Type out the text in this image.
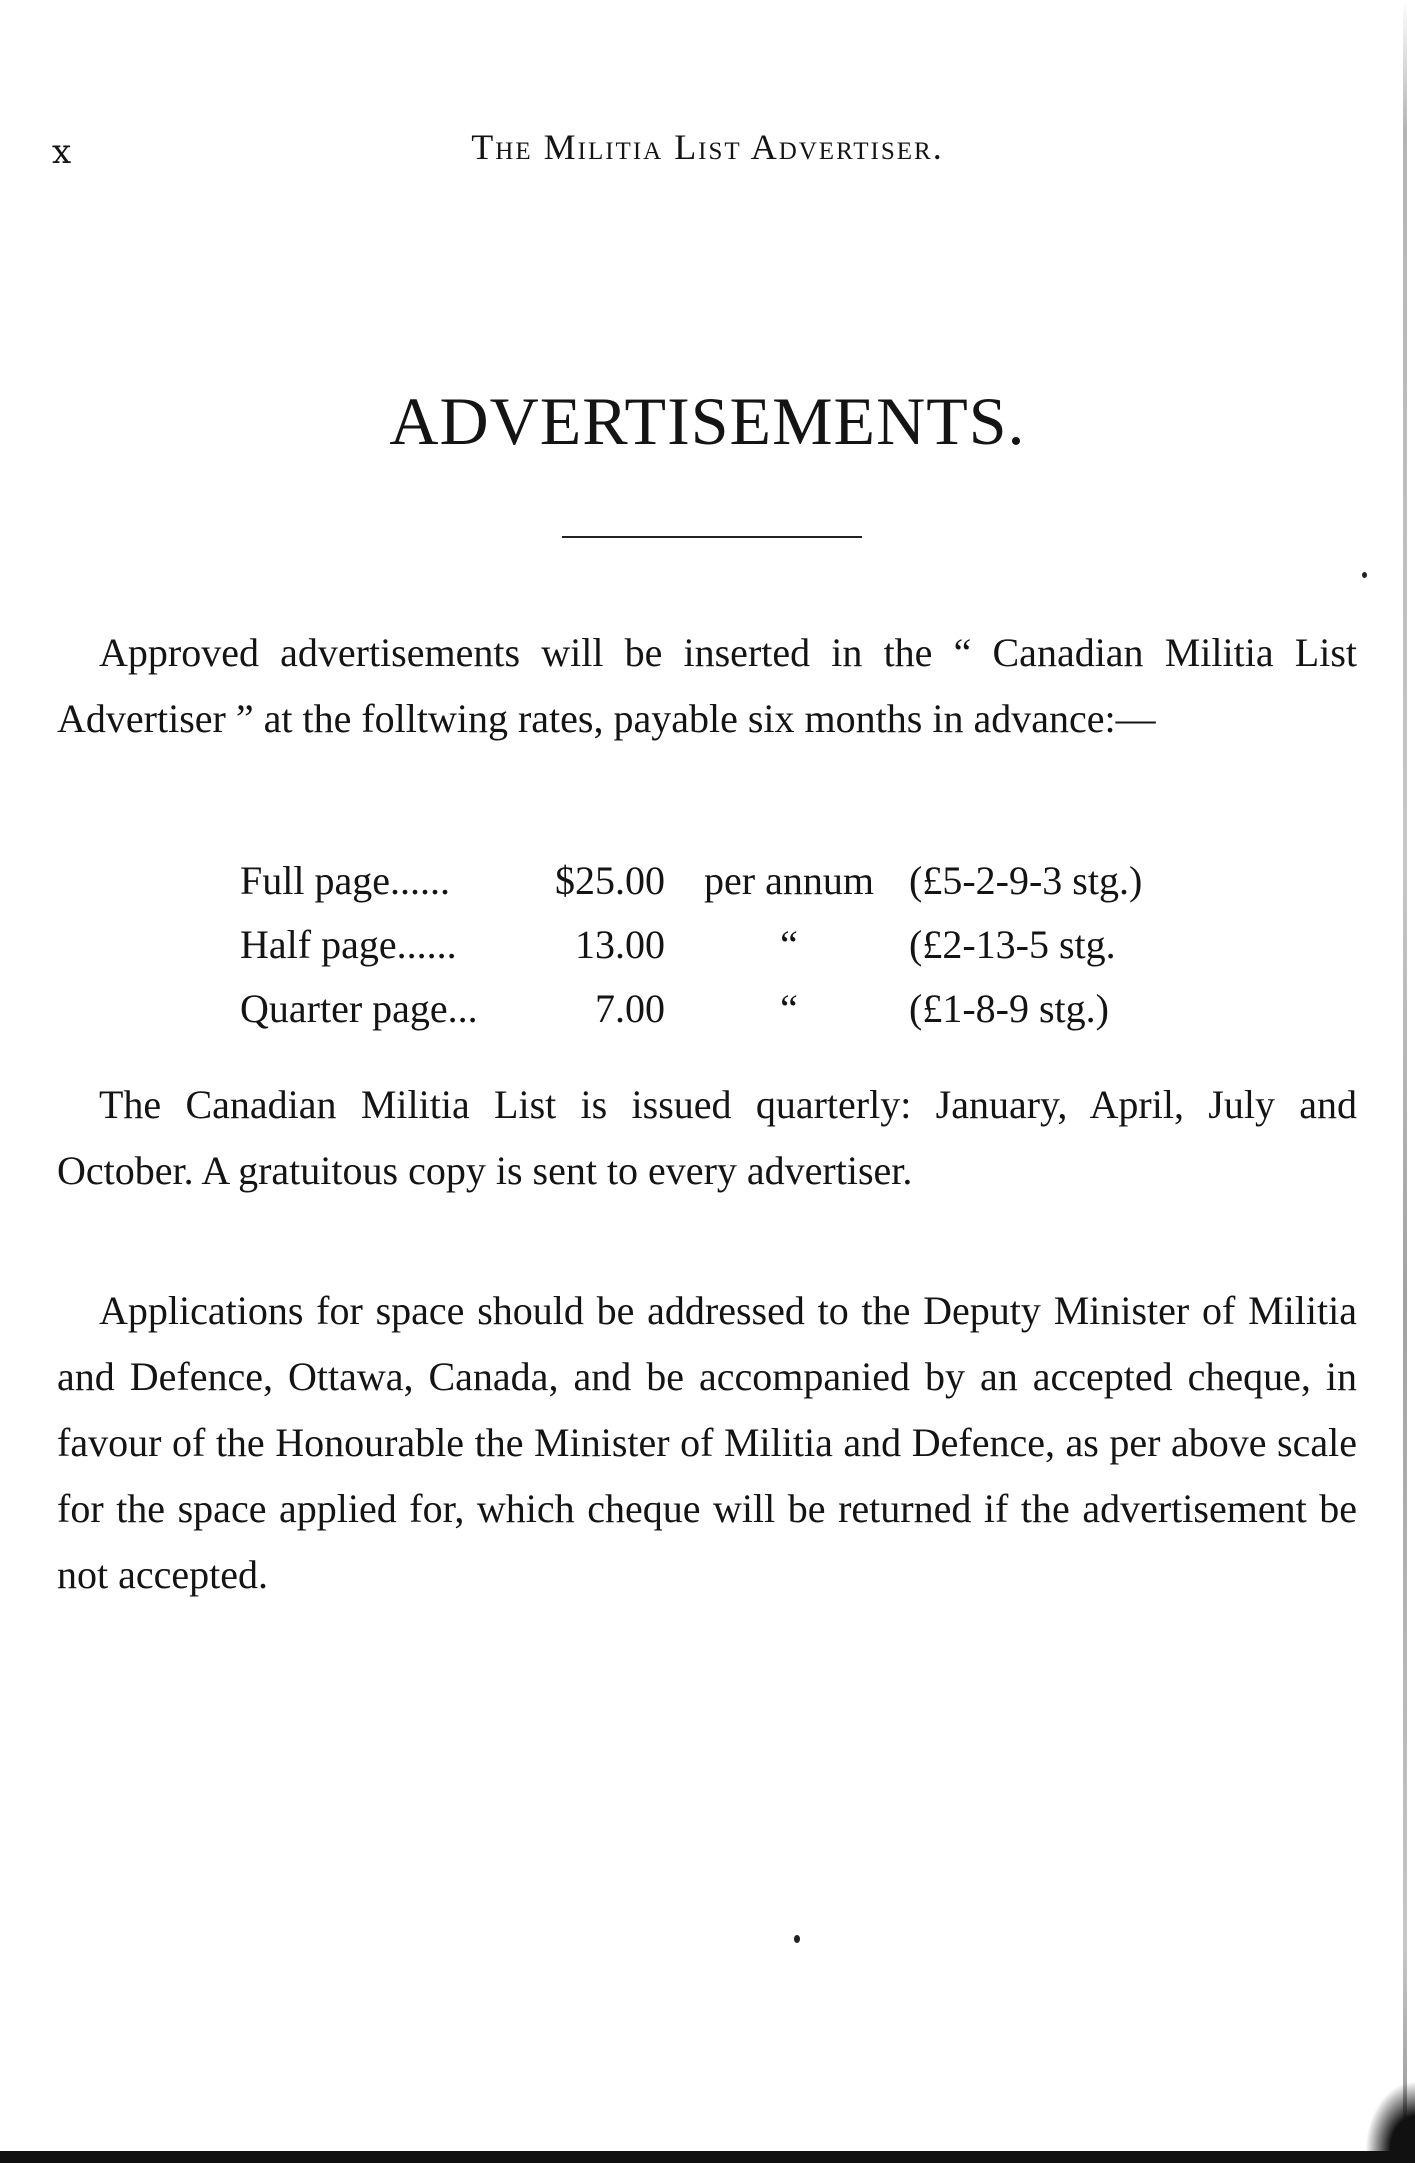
x	The Militia List Advertiser.
ADVERTISEMENTS.

Approved advertisements will be inserted in the “ Canadian Militia List Advertiser ” at the folltwing rates, payable six months in advance:—

Full page......	$25.00	per annum	(£5-2-9-3 stg.)
Half page......	13.00	“	(£2-13-5 stg.
Quarter page...	7.00	“	(£1-8-9 stg.)

The Canadian Militia List is issued quarterly: January, April, July and October. A gratuitous copy is sent to every advertiser.

Applications for space should be addressed to the Deputy Minister of Militia and Defence, Ottawa, Canada, and be accompanied by an accepted cheque, in favour of the Honourable the Minister of Militia and Defence, as per above scale for the space applied for, which cheque will be returned if the advertisement be not accepted.
